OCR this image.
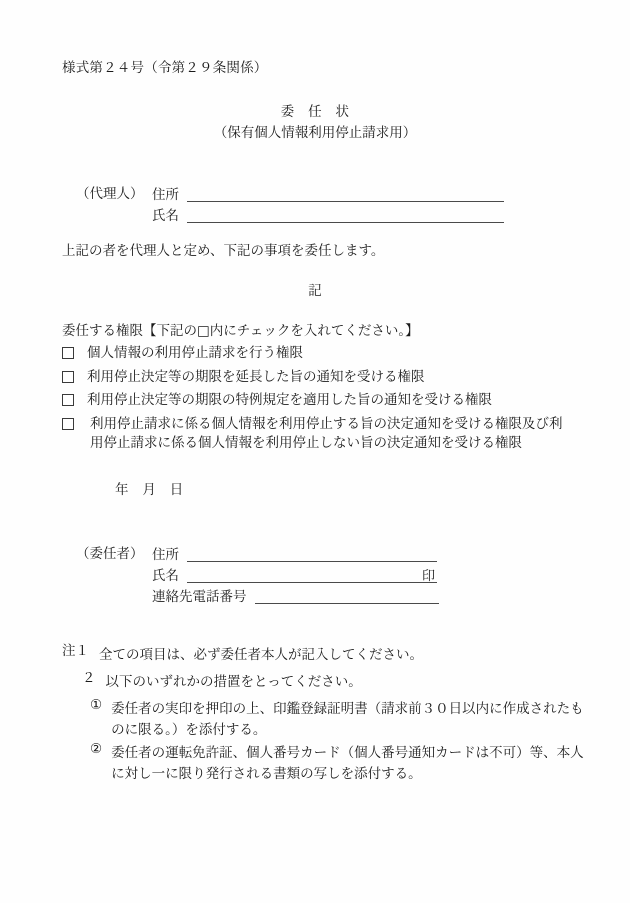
様式第２４号（令第２９条関係）
委　任　状
（保有個人情報利用停止請求用）
（代理人） 住所
氏名
上記の者を代理人と定め、下記の事項を委任します。
記
委任する権限【下記の□内にチェックを入れてください。】
個人情報の利用停止請求を行う権限
利用停止決定等の期限を延長した旨の通知を受ける権限
利用停止決定等の期限の特例規定を適用した旨の通知を受ける権限
利用停止請求に係る個人情報を利用停止する旨の決定通知を受ける権限及び利用停止請求に係る個人情報を利用停止しない旨の決定通知を受ける権限
年　月　日
（委任者） 住所
氏名	印
連絡先電話番号
注１ 全ての項目は、必ず委任者本人が記入してください。
２ 以下のいずれかの措置をとってください。
① 委任者の実印を押印の上、印鑑登録証明書（請求前３０日以内に作成されたものに限る。）を添付する。
② 委任者の運転免許証、個人番号カード（個人番号通知カードは不可）等、本人に対し一に限り発行される書類の写しを添付する。
